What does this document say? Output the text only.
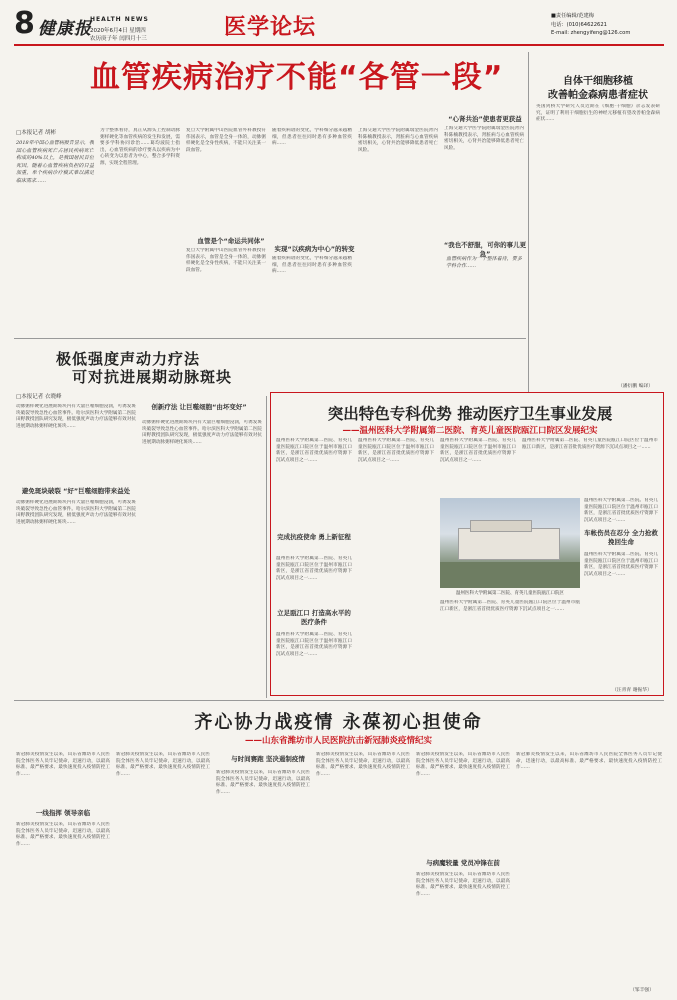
8 健康报
HEALTH NEWS
2020年6月4日 星期四
农历庚子年 闰四月十三	医学论坛	■责任编辑/范建梅
电话：(010)64622621
E-mail: zhengyifeng@126.com
血管疾病治疗不能“各管一段”
□本报记者 胡彬
2018年中国心血管病报告显示，我国心血管疾病死亡占居民疾病死亡构成的40%以上，是我国居民首位死因。随着心血管疾病负担的日益加重，单个疾病诊疗模式难以满足临床需求……
为个整体看待，真正从源头上控制动脉粥样硬化等血管疾病的发生和发展，需要多学科协同诊治……葛均波院士指出，心血管疾病的诊疗要从以疾病为中心转变为以患者为中心，整合多学科资源，实现全程管理。
血管是个“命运共同体”
复旦大学附属中山医院血管外科教授符伟国表示，血管是全身一体的，动脉粥样硬化是全身性疾病，不能只关注某一段血管。
复旦大学附属中山医院血管外科教授符伟国表示，血管是全身一体的，动脉粥样硬化是全身性疾病，不能只关注某一段血管。
随着疾病谱的变化，学科细分越来越精细，但患者往往同时患有多种血管疾病……
实现“以疾病为中心”的转变
随着疾病谱的变化，学科细分越来越精细，但患者往往同时患有多种血管疾病……
上海交通大学医学院附属瑞金医院肾内科陈楠教授表示，肾脏病与心血管疾病密切相关，心肾共治能够降低患者死亡风险。
“心肾共治”使患者更获益
上海交通大学医学院附属瑞金医院肾内科陈楠教授表示，肾脏病与心血管疾病密切相关，心肾共治能够降低患者死亡风险。
“我也不舒服，可你的事儿更急”
血管疾病作为一个整体看待，要多学科合作……
自体干细胞移植
改善帕金森病患者症状
英国剑桥大学研究人员近期在《细胞·干细胞》杂志发表研究，证明了利用干细胞衍生的神经元移植有望改善帕金森病症状……
（潘衍鹏 编译）
极低强度声动力疗法
可对抗进展期动脉斑块
□本报记者 衣晓峰
动脉粥样硬化进展期斑块内有大量巨噬细胞浸润，可诱发斑块破裂导致急性心血管事件。哈尔滨医科大学附属第二医院田野教授团队研究发现，极低强度声动力疗法能够有效对抗进展期动脉粥样硬化斑块……
避免斑块破裂 “好”巨噬细胞带来益处
动脉粥样硬化进展期斑块内有大量巨噬细胞浸润，可诱发斑块破裂导致急性心血管事件。哈尔滨医科大学附属第二医院田野教授团队研究发现，极低强度声动力疗法能够有效对抗进展期动脉粥样硬化斑块……
创新疗法 让巨噬细胞“由坏变好”
动脉粥样硬化进展期斑块内有大量巨噬细胞浸润，可诱发斑块破裂导致急性心血管事件。哈尔滨医科大学附属第二医院田野教授团队研究发现，极低强度声动力疗法能够有效对抗进展期动脉粥样硬化斑块……
突出特色专科优势 推动医疗卫生事业发展
——温州医科大学附属第二医院、育英儿童医院瓯江口院区发展纪实
温州医科大学附属第二医院、育英儿童医院瓯江口院区位于温州市瓯江口新区，是浙江省首批优质医疗资源下沉试点项目之一……
完成抗疫使命 勇上新征程
温州医科大学附属第二医院、育英儿童医院瓯江口院区位于温州市瓯江口新区，是浙江省首批优质医疗资源下沉试点项目之一……
立足瓯江口 打造高水平的医疗条件
温州医科大学附属第二医院、育英儿童医院瓯江口院区位于温州市瓯江口新区，是浙江省首批优质医疗资源下沉试点项目之一……
温州医科大学附属第二医院、育英儿童医院瓯江口院区位于温州市瓯江口新区，是浙江省首批优质医疗资源下沉试点项目之一……
温州医科大学附属第二医院、育英儿童医院瓯江口院区位于温州市瓯江口新区，是浙江省首批优质医疗资源下沉试点项目之一……
温州医科大学附属第二医院、育英儿童医院瓯江口院区位于温州市瓯江口新区，是浙江省首批优质医疗资源下沉试点项目之一……
温州医科大学附属第二医院、育英儿童医院瓯江口院区
温州医科大学附属第二医院、育英儿童医院瓯江口院区位于温州市瓯江口新区，是浙江省首批优质医疗资源下沉试点项目之一……
车帐伤员在忍分 全力抢救挽回生命
温州医科大学附属第二医院、育英儿童医院瓯江口院区位于温州市瓯江口新区，是浙江省首批优质医疗资源下沉试点项目之一……
温州医科大学附属第二医院、育英儿童医院瓯江口院区位于温州市瓯江口新区，是浙江省首批优质医疗资源下沉试点项目之一……
（汪青青 谢振华）
齐心协力战疫情 永葆初心担使命
——山东省潍坊市人民医院抗击新冠肺炎疫情纪实
新冠肺炎疫情发生以来，山东省潍坊市人民医院全体医务人员牢记使命，迅速行动，以最高标准、最严格要求、最快速度投入疫情防控工作……
一线指挥 领导亲临
新冠肺炎疫情发生以来，山东省潍坊市人民医院全体医务人员牢记使命，迅速行动，以最高标准、最严格要求、最快速度投入疫情防控工作……
新冠肺炎疫情发生以来，山东省潍坊市人民医院全体医务人员牢记使命，迅速行动，以最高标准、最严格要求、最快速度投入疫情防控工作……
与时间赛跑 坚决遏制疫情
新冠肺炎疫情发生以来，山东省潍坊市人民医院全体医务人员牢记使命，迅速行动，以最高标准、最严格要求、最快速度投入疫情防控工作……
新冠肺炎疫情发生以来，山东省潍坊市人民医院全体医务人员牢记使命，迅速行动，以最高标准、最严格要求、最快速度投入疫情防控工作……
新冠肺炎疫情发生以来，山东省潍坊市人民医院全体医务人员牢记使命，迅速行动，以最高标准、最严格要求、最快速度投入疫情防控工作……
与病魔较量 党员冲锋在前
新冠肺炎疫情发生以来，山东省潍坊市人民医院全体医务人员牢记使命，迅速行动，以最高标准、最严格要求、最快速度投入疫情防控工作……
新冠肺炎疫情发生以来，山东省潍坊市人民医院全体医务人员牢记使命，迅速行动，以最高标准、最严格要求、最快速度投入疫情防控工作……
（邹丰强）
